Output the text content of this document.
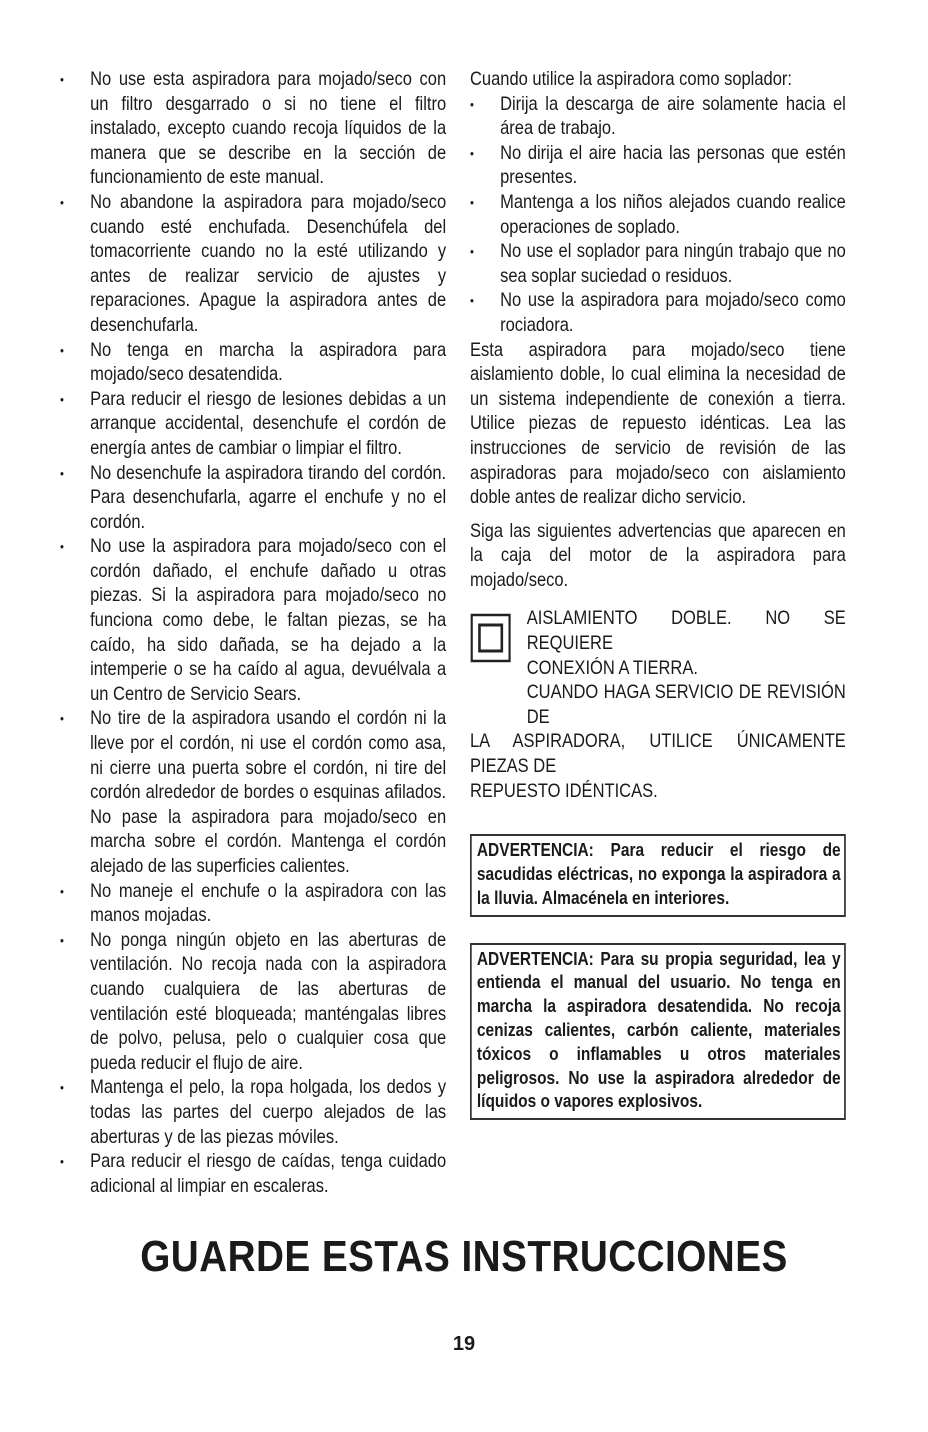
• No use esta aspiradora para mojado/seco con un filtro desgarrado o si no tiene el filtro instalado, excepto cuando recoja líquidos de la manera que se describe en la sección de funcionamiento de este manual.
• No abandone la aspiradora para mojado/seco cuando esté enchufada. Desenchúfela del tomacorriente cuando no la esté utilizando y antes de realizar servicio de ajustes y reparaciones. Apague la aspiradora antes de desenchufarla.
• No tenga en marcha la aspiradora para mojado/seco desatendida.
• Para reducir el riesgo de lesiones debidas a un arranque accidental, desenchufe el cordón de energía antes de cambiar o limpiar el filtro.
• No desenchufe la aspiradora tirando del cordón. Para desenchufarla, agarre el enchufe y no el cordón.
• No use la aspiradora para mojado/seco con el cordón dañado, el enchufe dañado u otras piezas. Si la aspiradora para mojado/seco no funciona como debe, le faltan piezas, se ha caído, ha sido dañada, se ha dejado a la intemperie o se ha caído al agua, devuélvala a un Centro de Servicio Sears.
• No tire de la aspiradora usando el cordón ni la lleve por el cordón, ni use el cordón como asa, ni cierre una puerta sobre el cordón, ni tire del cordón alrededor de bordes o esquinas afilados. No pase la aspiradora para mojado/seco en marcha sobre el cordón. Mantenga el cordón alejado de las superficies calientes.
• No maneje el enchufe o la aspiradora con las manos mojadas.
• No ponga ningún objeto en las aberturas de ventilación. No recoja nada con la aspiradora cuando cualquiera de las aberturas de ventilación esté bloqueada; manténgalas libres de polvo, pelusa, pelo o cualquier cosa que pueda reducir el flujo de aire.
• Mantenga el pelo, la ropa holgada, los dedos y todas las partes del cuerpo alejados de las aberturas y de las piezas móviles.
• Para reducir el riesgo de caídas, tenga cuidado adicional al limpiar en escaleras.

Cuando utilice la aspiradora como soplador:

• Dirija la descarga de aire solamente hacia el área de trabajo.
• No dirija el aire hacia las personas que estén presentes.
• Mantenga a los niños alejados cuando realice operaciones de soplado.
• No use el soplador para ningún trabajo que no sea soplar suciedad o residuos.
• No use la aspiradora para mojado/seco como rociadora.

Esta aspiradora para mojado/seco tiene aislamiento doble, lo cual elimina la necesidad de un sistema independiente de conexión a tierra. Utilice piezas de repuesto idénticas. Lea las instrucciones de servicio de revisión de las aspiradoras para mojado/seco con aislamiento doble antes de realizar dicho servicio.

Siga las siguientes advertencias que aparecen en la caja del motor de la aspiradora para mojado/seco.

AISLAMIENTO DOBLE. NO SE REQUIERE
CONEXIÓN A TIERRA.
CUANDO HAGA SERVICIO DE REVISIÓN DE
LA ASPIRADORA, UTILICE ÚNICAMENTE PIEZAS DE
REPUESTO IDÉNTICAS.
ADVERTENCIA: Para reducir el riesgo de sacudidas eléctricas, no exponga la aspiradora a la lluvia. Almacénela en interiores.
ADVERTENCIA: Para su propia seguridad, lea y entienda el manual del usuario. No tenga en marcha la aspiradora desatendida. No recoja cenizas calientes, carbón caliente, materiales tóxicos o inflamables u otros materiales peligrosos. No use la aspiradora alrededor de líquidos o vapores explosivos.
GUARDE ESTAS INSTRUCCIONES
19
